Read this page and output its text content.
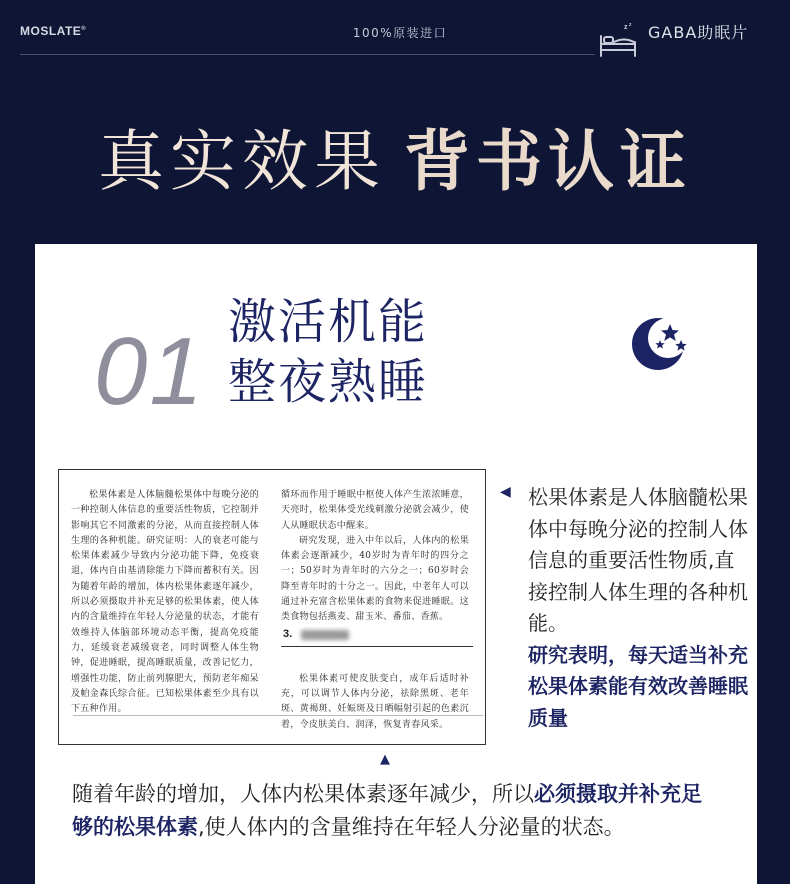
MOSLATE®	100%原装进口	z z GABA助眠片
真实效果 背书认证
01 激活机能
整夜熟睡

松果体素是人体脑髓松果体中每晚分泌的一种控制人体信息的重要活性物质，它控制并影响其它不同激素的分泌，从而直接控制人体生理的各种机能。研究证明：人的衰老可能与松果体素减少导致内分泌功能下降，免疫衰退，体内自由基清除能力下降而蓄积有关。因为随着年龄的增加，体内松果体素逐年减少，所以必须摄取并补充足够的松果体素，使人体内的含量维持在年轻人分泌量的状态，才能有效维持人体脑部环境动态平衡，提高免疫能力，延缓衰老减缓衰老，同时调整人体生物钟，促进睡眠，提高睡眠质量，改善记忆力，增强性功能，防止前列腺肥大，预防老年痴呆及帕金森氏综合征。已知松果体素至少具有以下五种作用。

循环而作用于睡眠中枢使人体产生浓浓睡意，天亮时，松果体受光线刺激分泌就会减少，使人从睡眠状态中醒来。

研究发现，进入中年以后，人体内的松果体素会逐渐减少，40岁时为青年时的四分之一；50岁时为青年时的六分之一；60岁时会降至青年时的十分之一。因此，中老年人可以通过补充富含松果体素的食物来促进睡眠。这类食物包括燕麦、甜玉米、番茄、香蕉。

松果体素可使皮肤变白，成年后适时补充，可以调节人体内分泌，祛除黑斑、老年斑、黄褐斑、妊娠斑及日晒幅射引起的色素沉着，令皮肤美白、润泽，恢复青春风采。

3.
◀ 松果体素是人体脑髓松果体中每晚分泌的控制人体信息的重要活性物质,直接控制人体生理的各种机能。
研究表明，每天适当补充松果体素能有效改善睡眠质量
▲
随着年龄的增加，人体内松果体素逐年减少，所以必须摄取并补充足够的松果体素,使人体内的含量维持在年轻人分泌量的状态。
